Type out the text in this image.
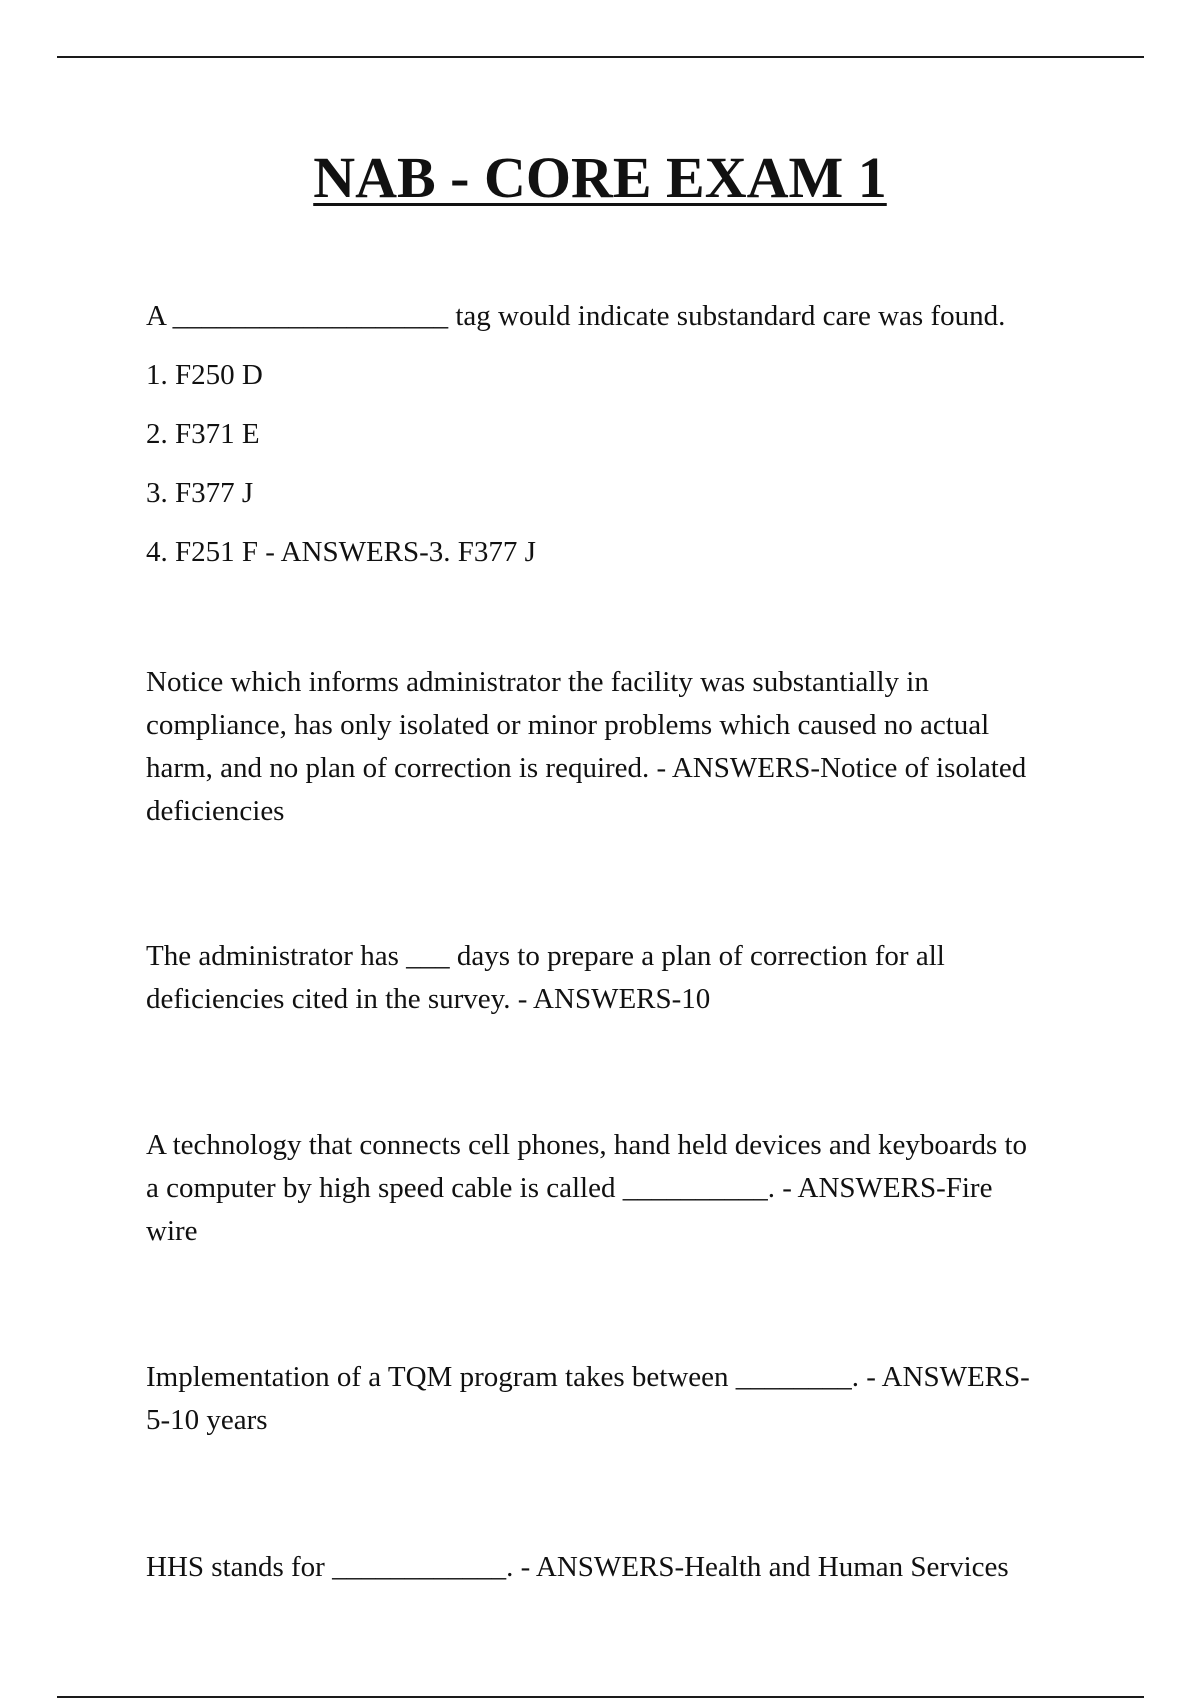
NAB - CORE EXAM 1

A ___________________ tag would indicate substandard care was found.

1. F250 D

2. F371 E

3. F377 J

4. F251 F - ANSWERS-3. F377 J

Notice which informs administrator the facility was substantially in compliance, has only isolated or minor problems which caused no actual harm, and no plan of correction is required. - ANSWERS-Notice of isolated deficiencies

The administrator has ___ days to prepare a plan of correction for all deficiencies cited in the survey. - ANSWERS-10

A technology that connects cell phones, hand held devices and keyboards to a computer by high speed cable is called __________. - ANSWERS-Fire wire

Implementation of a TQM program takes between ________. - ANSWERS-5-10 years

HHS stands for ____________. - ANSWERS-Health and Human Services
